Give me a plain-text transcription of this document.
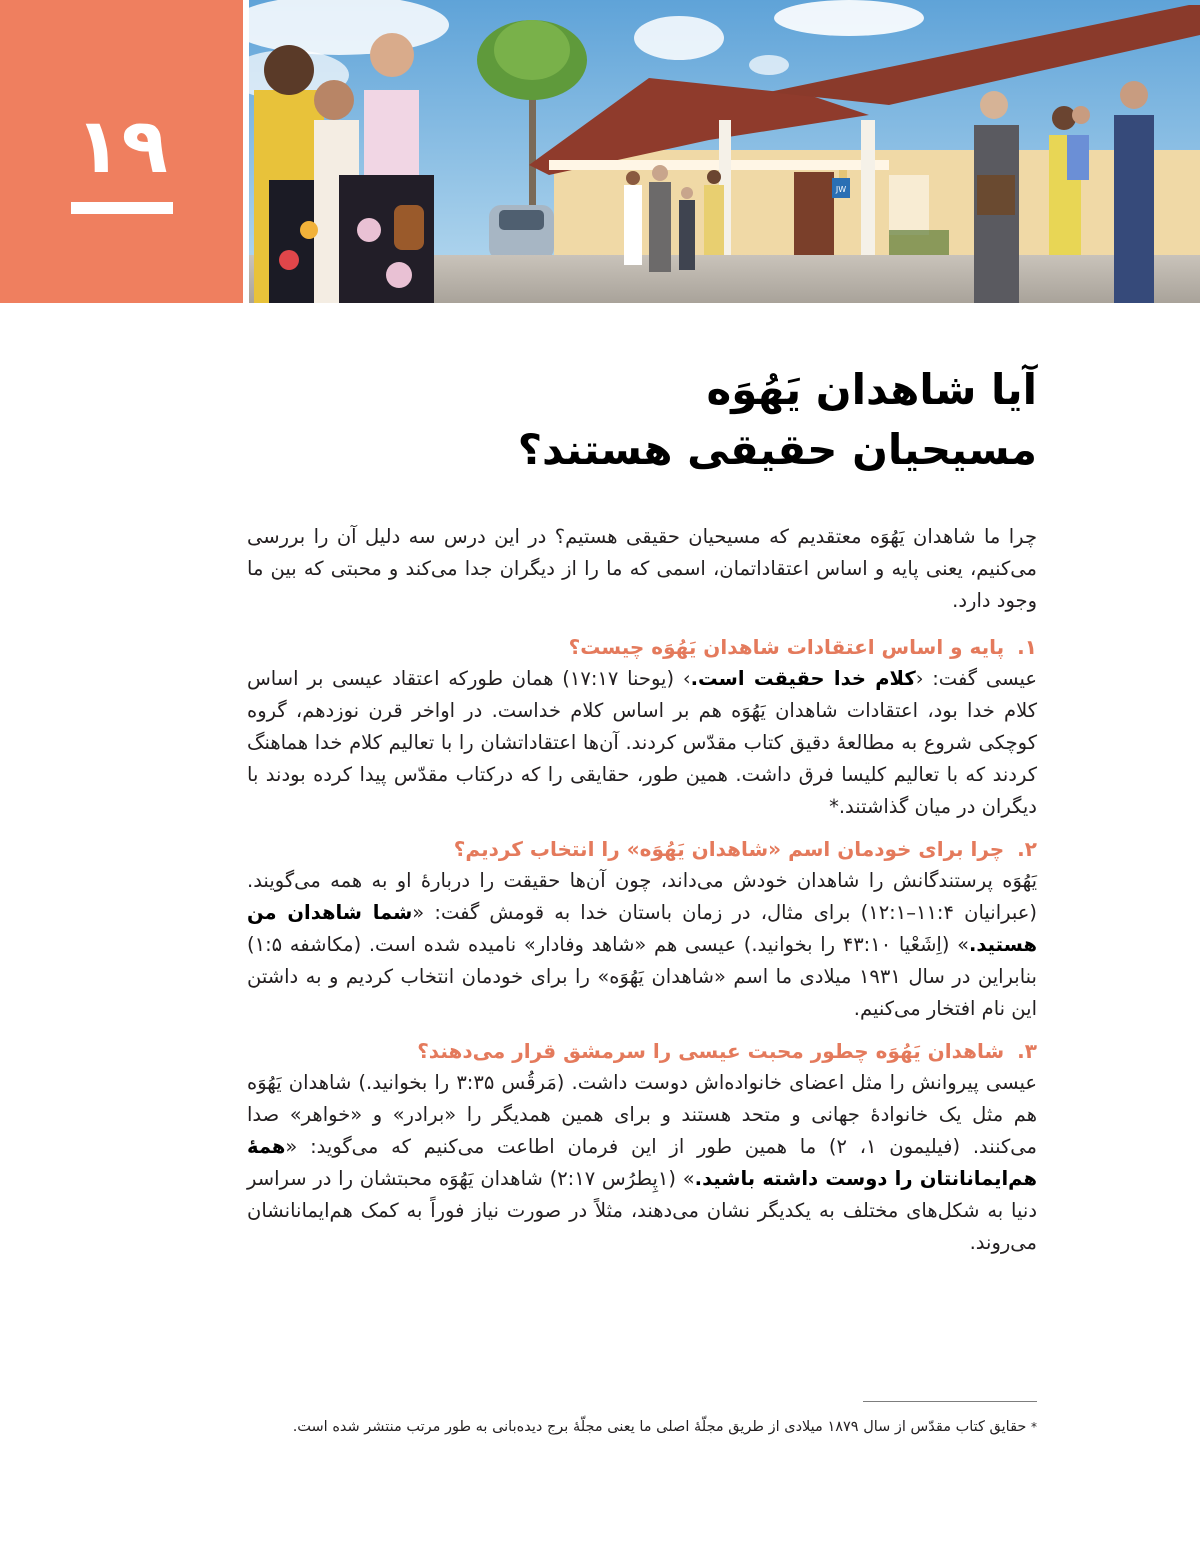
۱۹	JW
آیا شاهدان یَهُوَه
مسیحیان حقیقی هستند؟

چرا ما شاهدان یَهُوَه معتقدیم که مسیحیان حقیقی هستیم؟ در این درس سه دلیل آن را بررسی می‌کنیم، یعنی پایه و اساس اعتقاداتمان، اسمی که ما را از دیگران جدا می‌کند و محبتی که بین ما وجود دارد.

۱. پایه و اساس اعتقادات شاهدان یَهُوَه چیست؟

عیسی گفت: ‹کلام خدا حقیقت است.› (یوحنا ۱۷:۱۷) همان طورکه اعتقاد عیسی بر اساس کلام خدا بود، اعتقادات شاهدان یَهُوَه هم بر اساس کلام خداست. در اواخر قرن نوزدهم، گروه کوچکی شروع به مطالعهٔ دقیق کتاب مقدّس کردند. آن‌ها اعتقاداتشان را با تعالیم کلام خدا هماهنگ کردند که با تعالیم کلیسا فرق داشت. همین طور، حقایقی را که درکتاب مقدّس پیدا کرده بودند با دیگران در میان گذاشتند.*

۲. چرا برای خودمان اسم «شاهدان یَهُوَه» را انتخاب کردیم؟

یَهُوَه پرستندگانش را شاهدان خودش می‌داند، چون آن‌ها حقیقت را دربارهٔ او به همه می‌گویند. (عبرانیان ۱۱:۴–۱۲:۱) برای مثال، در زمان باستان خدا به قومش گفت: «شما شاهدان من هستید.» (اِشَعْیا ۴۳:۱۰ را بخوانید.) عیسی هم «شاهد وفادار» نامیده شده است. (مکاشفه ۱:۵) بنابراین در سال ۱۹۳۱ میلادی ما اسم «شاهدان یَهُوَه» را برای خودمان انتخاب کردیم و به داشتن این نام افتخار می‌کنیم.

۳. شاهدان یَهُوَه چطور محبت عیسی را سرمشق قرار می‌دهند؟

عیسی پیروانش را مثل اعضای خانواده‌اش دوست داشت. (مَرقُس ۳:۳۵ را بخوانید.) شاهدان یَهُوَه هم مثل یک خانوادهٔ جهانی و متحد هستند و برای همین همدیگر را «برادر» و «خواهر» صدا می‌کنند. (فیلیمون ۱، ۲) ما همین طور از این فرمان اطاعت می‌کنیم که می‌گوید: «همهٔ هم‌ایمانانتان را دوست داشته باشید.» (۱پِطرُس ۲:۱۷) شاهدان یَهُوَه محبتشان را در سراسر دنیا به شکل‌های مختلف به یکدیگر نشان می‌دهند، مثلاً در صورت نیاز فوراً به کمک هم‌ایمانانشان می‌روند.

* حقایق کتاب مقدّس از سال ۱۸۷۹ میلادی از طریق مجلّهٔ اصلی ما یعنی مجلّهٔ برج دیده‌بانی به طور مرتب منتشر شده است.
